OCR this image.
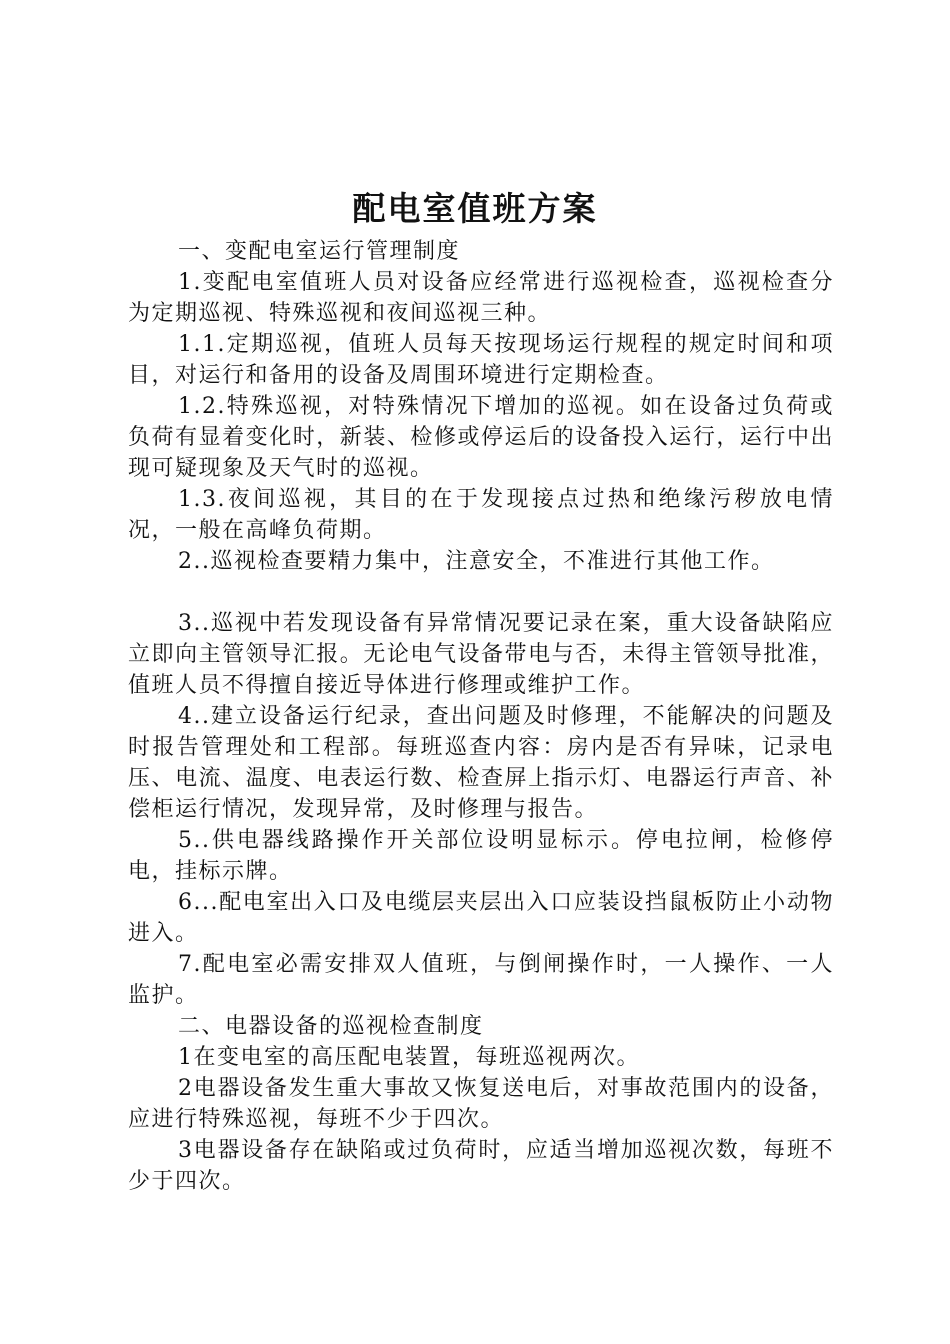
配电室值班方案

一、变配电室运行管理制度

1.变配电室值班人员对设备应经常进行巡视检查，巡视检查分为定期巡视、特殊巡视和夜间巡视三种。

1.1.定期巡视，值班人员每天按现场运行规程的规定时间和项目，对运行和备用的设备及周围环境进行定期检查。

1.2.特殊巡视，对特殊情况下增加的巡视。如在设备过负荷或负荷有显着变化时，新装、检修或停运后的设备投入运行，运行中出现可疑现象及天气时的巡视。

1.3.夜间巡视，其目的在于发现接点过热和绝缘污秽放电情况，一般在高峰负荷期。

2..巡视检查要精力集中，注意安全，不准进行其他工作。

3..巡视中若发现设备有异常情况要记录在案，重大设备缺陷应立即向主管领导汇报。无论电气设备带电与否，未得主管领导批准，值班人员不得擅自接近导体进行修理或维护工作。

4..建立设备运行纪录，查出问题及时修理，不能解决的问题及时报告管理处和工程部。每班巡查内容：房内是否有异味，记录电压、电流、温度、电表运行数、检查屏上指示灯、电器运行声音、补偿柜运行情况，发现异常，及时修理与报告。

5..供电器线路操作开关部位设明显标示。停电拉闸，检修停电，挂标示牌。

6...配电室出入口及电缆层夹层出入口应装设挡鼠板防止小动物进入。

7.配电室必需安排双人值班，与倒闸操作时，一人操作、一人监护。

二、电器设备的巡视检查制度

1在变电室的高压配电装置，每班巡视两次。

2电器设备发生重大事故又恢复送电后，对事故范围内的设备，应进行特殊巡视，每班不少于四次。

3电器设备存在缺陷或过负荷时，应适当增加巡视次数，每班不少于四次。
